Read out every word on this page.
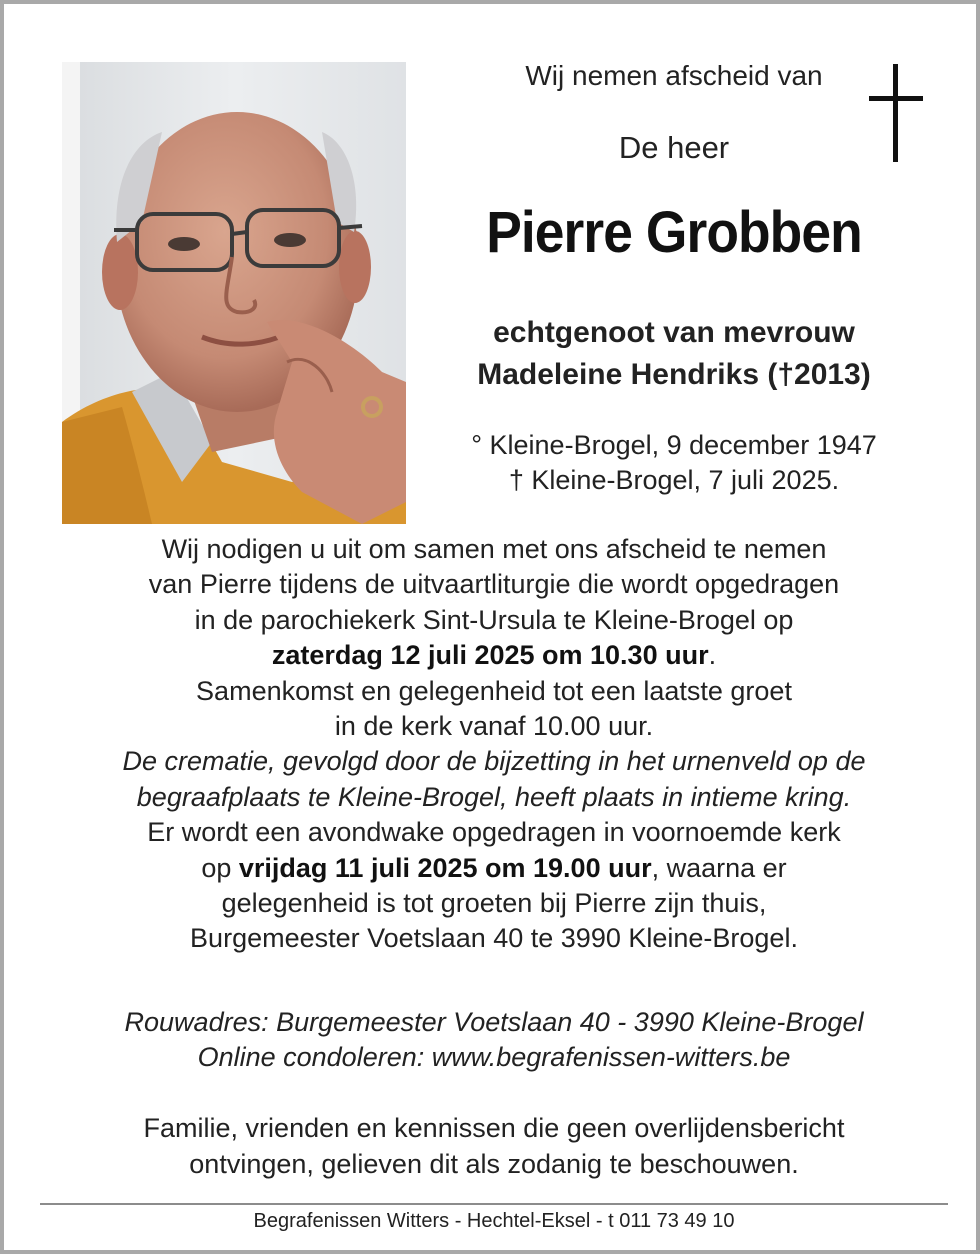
Wij nemen afscheid van
De heer
Pierre Grobben
echtgenoot van mevrouw
Madeleine Hendriks (†2013)
° Kleine-Brogel, 9 december 1947
† Kleine-Brogel, 7 juli 2025.
Wij nodigen u uit om samen met ons afscheid te nemen
van Pierre tijdens de uitvaartliturgie die wordt opgedragen
in de parochiekerk Sint-Ursula te Kleine-Brogel op
zaterdag 12 juli 2025 om 10.30 uur.
Samenkomst en gelegenheid tot een laatste groet
in de kerk vanaf 10.00 uur.
De crematie, gevolgd door de bijzetting in het urnenveld op de
begraafplaats te Kleine-Brogel, heeft plaats in intieme kring.
Er wordt een avondwake opgedragen in voornoemde kerk
op vrijdag 11 juli 2025 om 19.00 uur, waarna er
gelegenheid is tot groeten bij Pierre zijn thuis,
Burgemeester Voetslaan 40 te 3990 Kleine-Brogel.
Rouwadres: Burgemeester Voetslaan 40 - 3990 Kleine-Brogel
Online condoleren: www.begrafenissen-witters.be
Familie, vrienden en kennissen die geen overlijdensbericht
ontvingen, gelieven dit als zodanig te beschouwen.
Begrafenissen Witters - Hechtel-Eksel - t 011 73 49 10
